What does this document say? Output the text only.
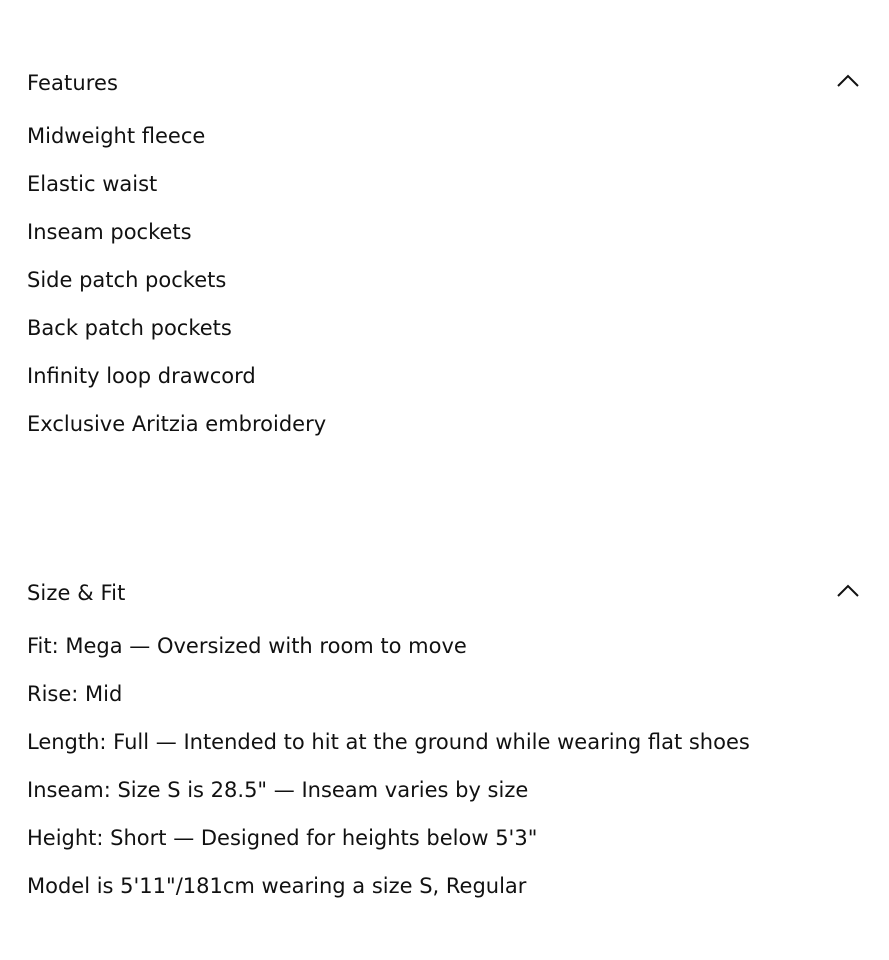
Features
Midweight fleece
Elastic waist
Inseam pockets
Side patch pockets
Back patch pockets
Infinity loop drawcord
Exclusive Aritzia embroidery
Size & Fit
Fit: Mega — Oversized with room to move
Rise: Mid
Length: Full — Intended to hit at the ground while wearing flat shoes
Inseam: Size S is 28.5" — Inseam varies by size
Height: Short — Designed for heights below 5'3"
Model is 5'11"/181cm wearing a size S, Regular
